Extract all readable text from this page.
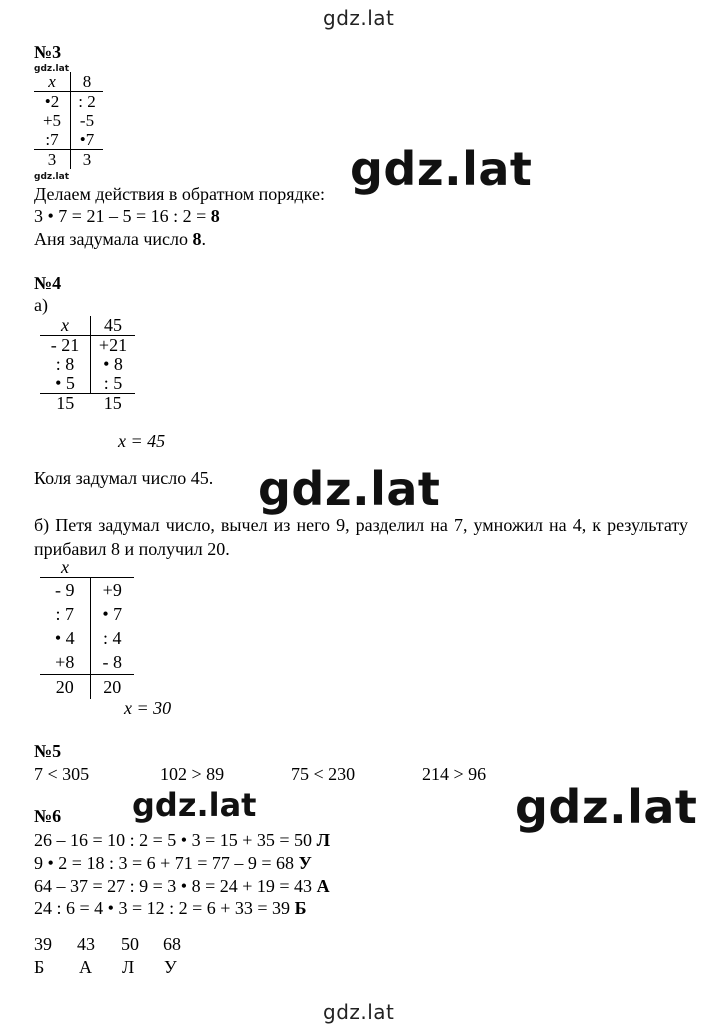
gdz.lat
gdz.lat
gdz.lat
gdz.lat
gdz.lat
gdz.lat
№3
gdz.lat
x	8
•2	: 2
+5	-5
:7	•7
3	3
gdz.lat
Делаем действия в обратном порядке:
3 • 7 = 21 – 5 = 16 : 2 = 8
Аня задумала число 8.
№4
а)
x	45
- 21	+21
: 8	• 8
• 5	: 5
15	15
x = 45
Коля задумал число 45.
б) Петя задумал число, вычел из него 9, разделил на 7, умножил на 4, к результату прибавил 8 и получил 20.
x	
- 9	+9
: 7	• 7
• 4	: 4
+8	- 8
20	20
x = 30
№5
7 < 305	102 > 89	75 < 230	214 > 96
№6
26 – 16 = 10 : 2 = 5 • 3 = 15 + 35 = 50 Л
9 • 2 = 18 : 3 = 6 + 71 = 77 – 9 = 68 У
64 – 37 = 27 : 9 = 3 • 8 = 24 + 19 = 43 А
24 : 6 = 4 • 3 = 12 : 2 = 6 + 33 = 39 Б
39 43 50 68
Б А Л У
